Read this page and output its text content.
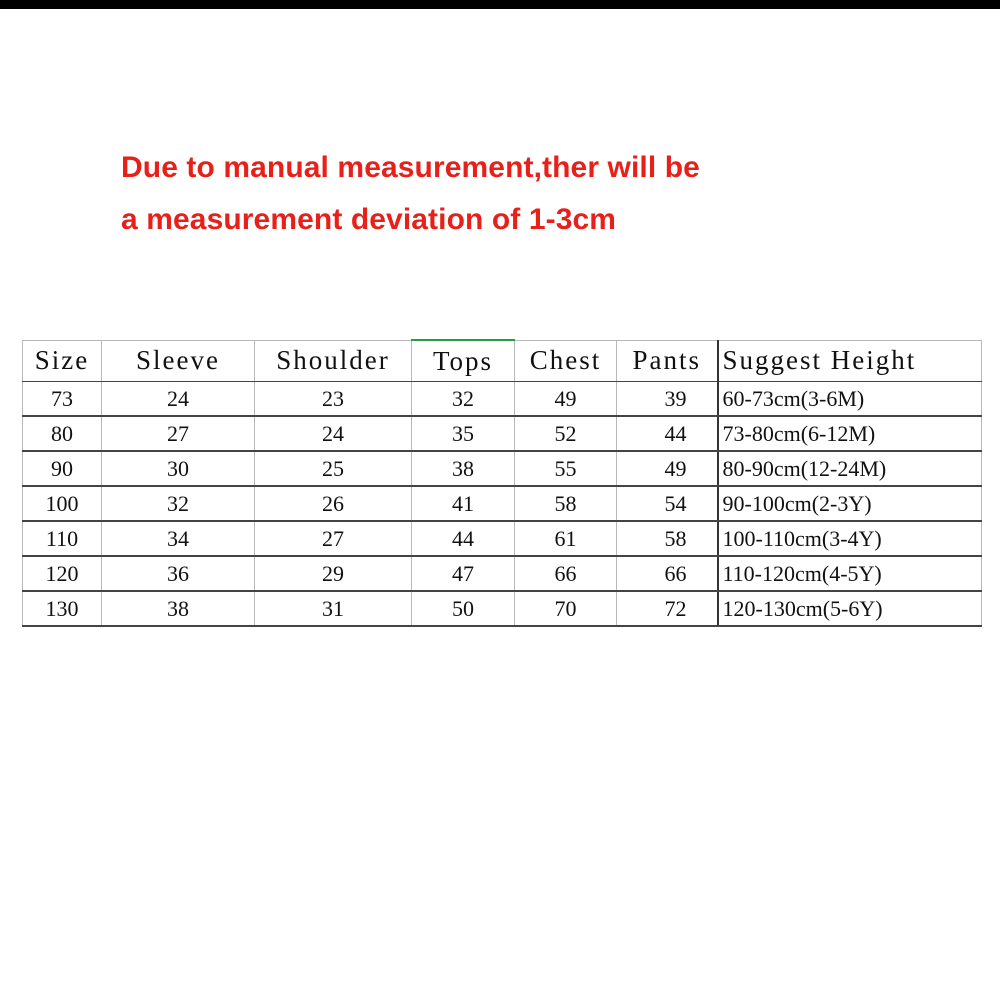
Due to manual measurement,ther will be
a measurement deviation of 1-3cm
Size	Sleeve	Shoulder	Tops	Chest	Pants	Suggest Height
73	24	23	32	49	39	60-73cm(3-6M)
80	27	24	35	52	44	73-80cm(6-12M)
90	30	25	38	55	49	80-90cm(12-24M)
100	32	26	41	58	54	90-100cm(2-3Y)
110	34	27	44	61	58	100-110cm(3-4Y)
120	36	29	47	66	66	110-120cm(4-5Y)
130	38	31	50	70	72	120-130cm(5-6Y)
